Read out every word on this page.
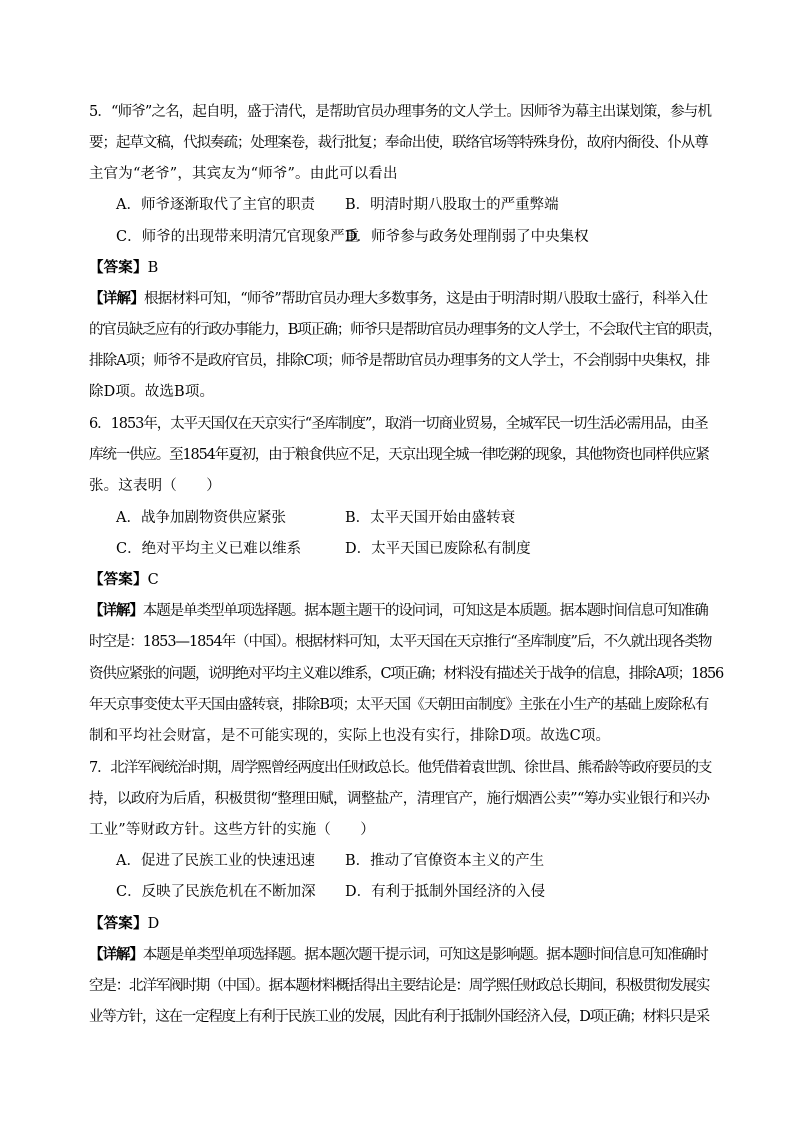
5．“师爷”之名，起自明，盛于清代，是帮助官员办理事务的文人学士。因师爷为幕主出谋划策，参与机
要；起草文稿，代拟奏疏；处理案卷，裁行批复；奉命出使，联络官场等特殊身份，故府内衙役、仆从尊
主官为“老爷”，其宾友为“师爷”。由此可以看出
A．师爷逐渐取代了主官的职责 B．明清时期八股取士的严重弊端
C．师爷的出现带来明清冗官现象严重
D．师爷参与政务处理削弱了中央集权
【答案】B
【详解】根据材料可知，“师爷”帮助官员办理大多数事务，这是由于明清时期八股取士盛行，科举入仕
的官员缺乏应有的行政办事能力，B项正确；师爷只是帮助官员办理事务的文人学士，不会取代主官的职责，
排除A项；师爷不是政府官员，排除C项；师爷是帮助官员办理事务的文人学士，不会削弱中央集权，排
除D项。故选B项。
6．1853年，太平天国仅在天京实行“圣库制度”，取消一切商业贸易，全城军民一切生活必需用品，由圣
库统一供应。至1854年夏初，由于粮食供应不足，天京出现全城一律吃粥的现象，其他物资也同样供应紧
张。这表明（　　）
A．战争加剧物资供应紧张	B．太平天国开始由盛转衰
C．绝对平均主义已难以维系	D．太平天国已废除私有制度
【答案】C
【详解】本题是单类型单项选择题。据本题主题干的设问词，可知这是本质题。据本题时间信息可知准确
时空是：1853—1854年（中国）。根据材料可知，太平天国在天京推行“圣库制度”后，不久就出现各类物
资供应紧张的问题，说明绝对平均主义难以维系，C项正确；材料没有描述关于战争的信息，排除A项；1856
年天京事变使太平天国由盛转衰，排除B项；太平天国《天朝田亩制度》主张在小生产的基础上废除私有
制和平均社会财富，是不可能实现的，实际上也没有实行，排除D项。故选C项。
7．北洋军阀统治时期，周学熙曾经两度出任财政总长。他凭借着袁世凯、徐世昌、熊希龄等政府要员的支
持，以政府为后盾，积极贯彻“整理田赋，调整盐产，清理官产，施行烟酒公卖”“筹办实业银行和兴办
工业”等财政方针。这些方针的实施（　　）
A．促进了民族工业的快速迅速 B．推动了官僚资本主义的产生
C．反映了民族危机在不断加深 D．有利于抵制外国经济的入侵
【答案】D
【详解】本题是单类型单项选择题。据本题次题干提示词，可知这是影响题。据本题时间信息可知准确时
空是：北洋军阀时期（中国）。据本题材料概括得出主要结论是：周学熙任财政总长期间，积极贯彻发展实
业等方针，这在一定程度上有利于民族工业的发展，因此有利于抵制外国经济入侵，D项正确；材料只是采
